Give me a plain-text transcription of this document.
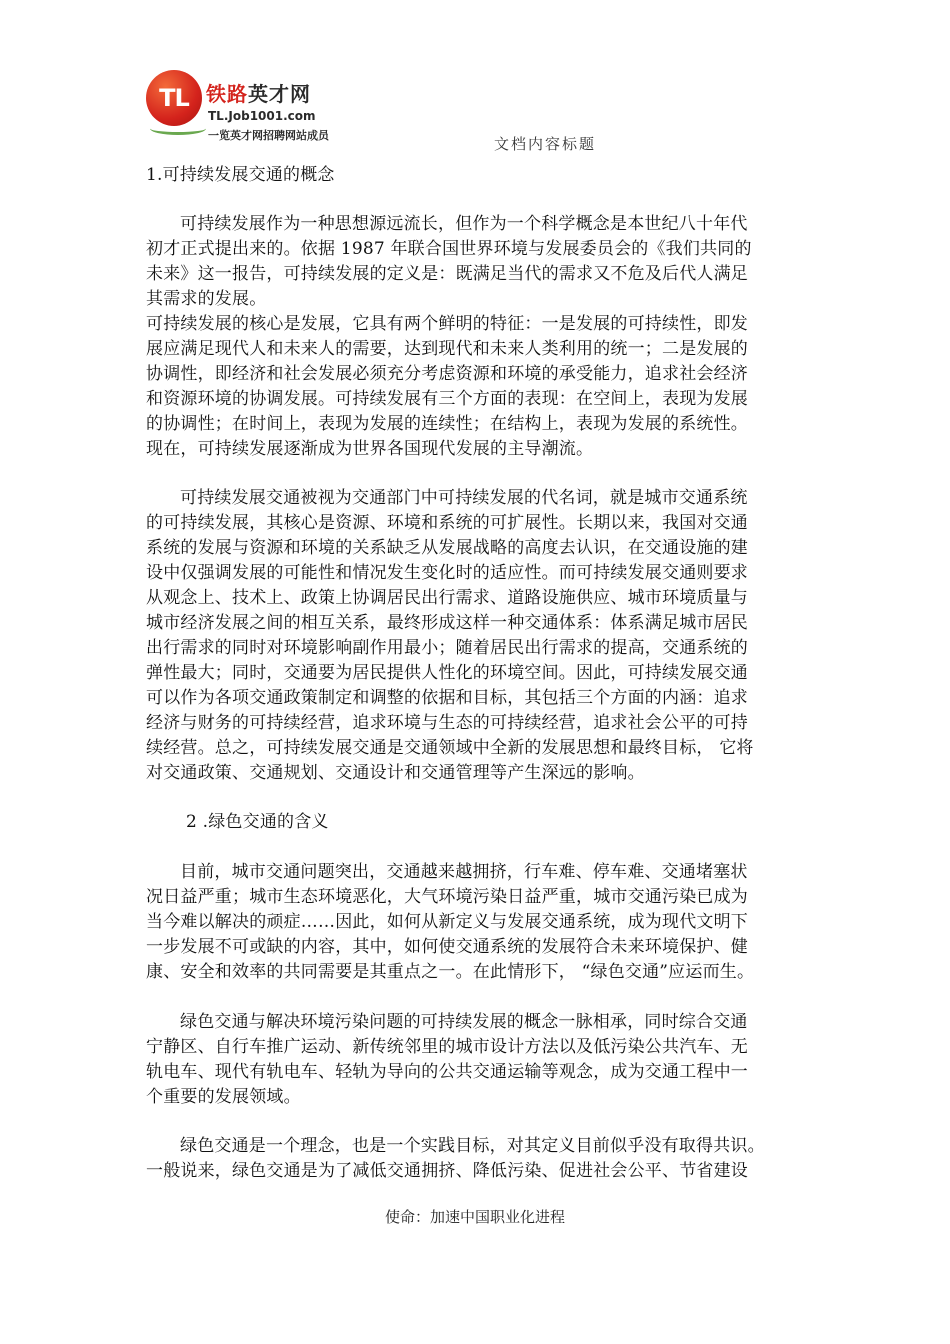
TL 铁路英才网
TL.Job1001.com
一览英才网招聘网站成员	文档内容标题
1.可持续发展交通的概念
可持续发展作为一种思想源远流长，但作为一个科学概念是本世纪八十年代
初才正式提出来的。依据 1987 年联合国世界环境与发展委员会的《我们共同的
未来》这一报告，可持续发展的定义是：既满足当代的需求又不危及后代人满足
其需求的发展。
可持续发展的核心是发展，它具有两个鲜明的特征：一是发展的可持续性，即发
展应满足现代人和未来人的需要，达到现代和未来人类利用的统一；二是发展的
协调性，即经济和社会发展必须充分考虑资源和环境的承受能力，追求社会经济
和资源环境的协调发展。可持续发展有三个方面的表现：在空间上，表现为发展
的协调性；在时间上，表现为发展的连续性；在结构上，表现为发展的系统性。
现在，可持续发展逐渐成为世界各国现代发展的主导潮流。
可持续发展交通被视为交通部门中可持续发展的代名词，就是城市交通系统
的可持续发展，其核心是资源、环境和系统的可扩展性。长期以来，我国对交通
系统的发展与资源和环境的关系缺乏从发展战略的高度去认识，在交通设施的建
设中仅强调发展的可能性和情况发生变化时的适应性。而可持续发展交通则要求
从观念上、技术上、政策上协调居民出行需求、道路设施供应、城市环境质量与
城市经济发展之间的相互关系，最终形成这样一种交通体系：体系满足城市居民
出行需求的同时对环境影响副作用最小；随着居民出行需求的提高，交通系统的
弹性最大；同时，交通要为居民提供人性化的环境空间。因此，可持续发展交通
可以作为各项交通政策制定和调整的依据和目标，其包括三个方面的内涵：追求
经济与财务的可持续经营，追求环境与生态的可持续经营，追求社会公平的可持
续经营。总之，可持续发展交通是交通领域中全新的发展思想和最终目标， 它将
对交通政策、交通规划、交通设计和交通管理等产生深远的影响。
2 .绿色交通的含义
目前，城市交通问题突出，交通越来越拥挤，行车难、停车难、交通堵塞状
况日益严重；城市生态环境恶化，大气环境污染日益严重，城市交通污染已成为
当今难以解决的顽症……因此，如何从新定义与发展交通系统，成为现代文明下
一步发展不可或缺的内容，其中，如何使交通系统的发展符合未来环境保护、健
康、安全和效率的共同需要是其重点之一。在此情形下， “绿色交通”应运而生。
绿色交通与解决环境污染问题的可持续发展的概念一脉相承，同时综合交通
宁静区、自行车推广运动、新传统邻里的城市设计方法以及低污染公共汽车、无
轨电车、现代有轨电车、轻轨为导向的公共交通运输等观念，成为交通工程中一
个重要的发展领域。
绿色交通是一个理念，也是一个实践目标，对其定义目前似乎没有取得共识。
一般说来，绿色交通是为了减低交通拥挤、降低污染、促进社会公平、节省建设
使命：加速中国职业化进程
